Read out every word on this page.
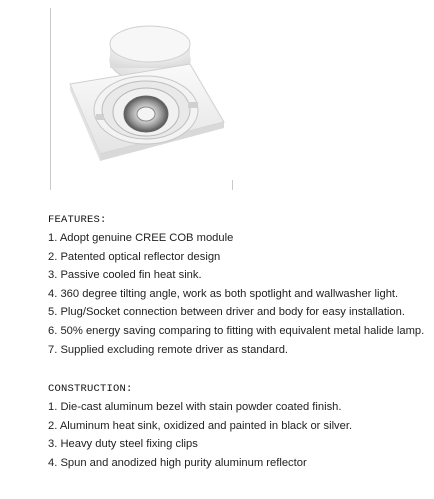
FEATURES:
1. Adopt genuine CREE COB module
2. Patented optical reflector design
3. Passive cooled fin heat sink.
4. 360 degree tilting angle, work as both spotlight and wallwasher light.
5. Plug/Socket connection between driver and body for easy installation.
6. 50% energy saving comparing to fitting with equivalent metal halide lamp.
7. Supplied excluding remote driver as standard.
CONSTRUCTION:
1. Die-cast aluminum bezel with stain powder coated finish.
2. Aluminum heat sink, oxidized and painted in black or silver.
3. Heavy duty steel fixing clips
4. Spun and anodized high purity aluminum reflector
